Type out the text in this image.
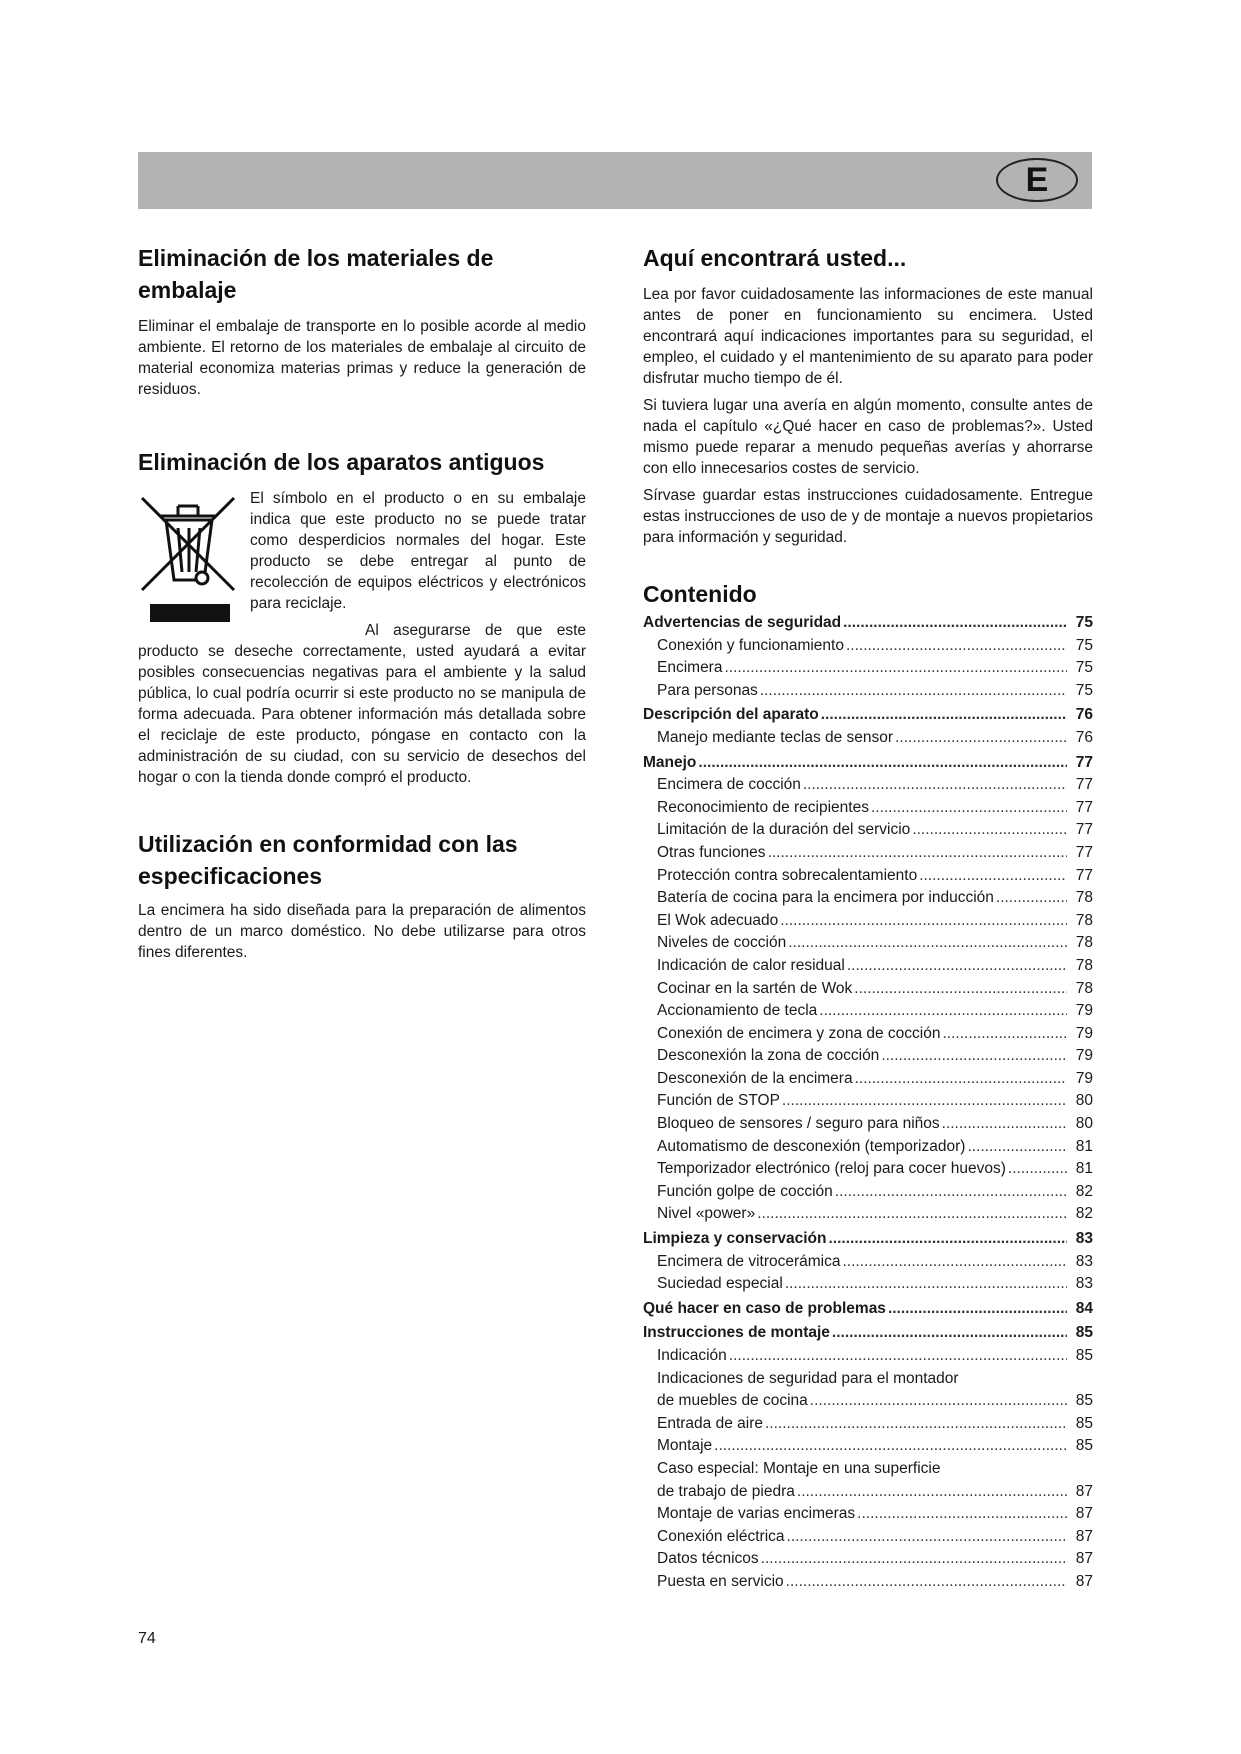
E
Eliminación de los materiales de embalaje

Eliminar el embalaje de transporte en lo posible acorde al medio ambiente. El retorno de los materiales de embalaje al circuito de material economiza materias primas y reduce la generación de residuos.

Eliminación de los aparatos antiguos

El símbolo en el producto o en su embalaje indica que este producto no se puede tratar como desperdicios normales del hogar. Este producto se debe entregar al punto de recolección de equipos eléctricos y electrónicos para reciclaje.

Al asegurarse de que este producto se deseche correctamente, usted ayudará a evitar posibles consecuencias negativas para el ambiente y la salud pública, lo cual podría ocurrir si este producto no se manipula de forma adecuada. Para obtener información más detallada sobre el reciclaje de este producto, póngase en contacto con la administración de su ciudad, con su servicio de desechos del hogar o con la tienda donde compró el producto.

Utilización en conformidad con las
especificaciones

La encimera ha sido diseñada para la preparación de alimentos dentro de un marco doméstico. No debe utilizarse para otros fines diferentes.

Aquí encontrará usted...

Lea por favor cuidadosamente las informaciones de este manual antes de poner en funcionamiento su encimera. Usted encontrará aquí indicaciones importantes para su seguridad, el empleo, el cuidado y el mantenimiento de su aparato para poder disfrutar mucho tiempo de él.

Si tuviera lugar una avería en algún momento, consulte antes de nada el capítulo «¿Qué hacer en caso de problemas?». Usted mismo puede reparar a menudo pequeñas averías y ahorrarse con ello innecesarios costes de servicio.

Sírvase guardar estas instrucciones cuidadosamente. Entregue estas instrucciones de uso de y de montaje a nuevos propietarios para información y seguridad.

Contenido
Advertencias de seguridad .....	75
Conexión y funcionamiento .....	75
Encimera .....	75
Para personas .....	75
Descripción del aparato .....	76
Manejo mediante teclas de sensor .....	76
Manejo .....	77
Encimera de cocción .....	77
Reconocimiento de recipientes .....	77
Limitación de la duración del servicio .....	77
Otras funciones .....	77
Protección contra sobrecalentamiento .....	77
Batería de cocina para la encimera por inducción .....	78
El Wok adecuado .....	78
Niveles de cocción .....	78
Indicación de calor residual .....	78
Cocinar en la sartén de Wok .....	78
Accionamiento de tecla .....	79
Conexión de encimera y zona de cocción .....	79
Desconexión la zona de cocción .....	79
Desconexión de la encimera .....	79
Función de STOP .....	80
Bloqueo de sensores / seguro para niños .....	80
Automatismo de desconexión (temporizador) .....	81
Temporizador electrónico (reloj para cocer huevos) .....	81
Función golpe de cocción .....	82
Nivel «power» .....	82
Limpieza y conservación .....	83
Encimera de vitrocerámica .....	83
Suciedad especial .....	83
Qué hacer en caso de problemas .....	84
Instrucciones de montaje .....	85
Indicación .....	85
Indicaciones de seguridad para el montador
de muebles de cocina .....	85
Entrada de aire .....	85
Montaje .....	85
Caso especial: Montaje en una superficie
de trabajo de piedra .....	87
Montaje de varias encimeras .....	87
Conexión eléctrica .....	87
Datos técnicos .....	87
Puesta en servicio .....	87
74
